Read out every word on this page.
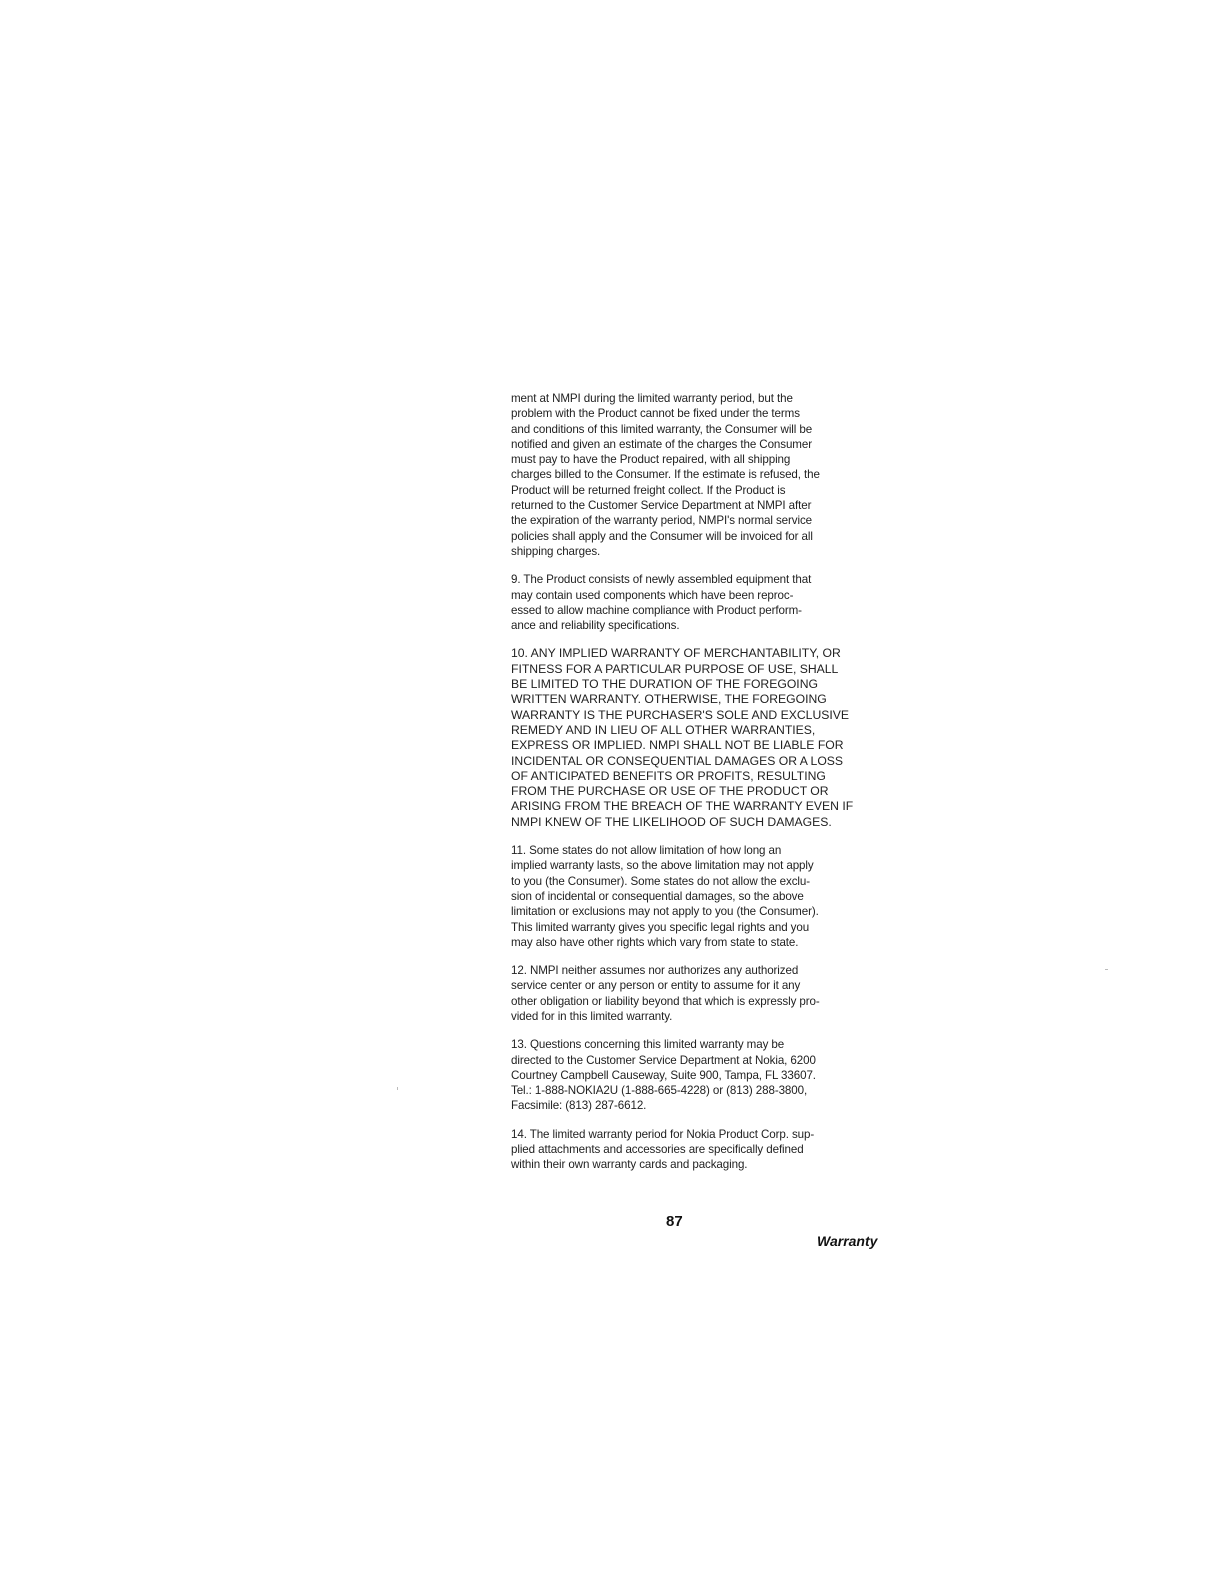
ment at NMPI during the limited warranty period, but the
problem with the Product cannot be fixed under the terms
and conditions of this limited warranty, the Consumer will be
notified and given an estimate of the charges the Consumer
must pay to have the Product repaired, with all shipping
charges billed to the Consumer. If the estimate is refused, the
Product will be returned freight collect. If the Product is
returned to the Customer Service Department at NMPI after
the expiration of the warranty period, NMPI's normal service
policies shall apply and the Consumer will be invoiced for all
shipping charges.

9. The Product consists of newly assembled equipment that
may contain used components which have been reproc-
essed to allow machine compliance with Product perform-
ance and reliability specifications.

10. ANY IMPLIED WARRANTY OF MERCHANTABILITY, OR
FITNESS FOR A PARTICULAR PURPOSE OF USE, SHALL
BE LIMITED TO THE DURATION OF THE FOREGOING
WRITTEN WARRANTY. OTHERWISE, THE FOREGOING
WARRANTY IS THE PURCHASER'S SOLE AND EXCLUSIVE
REMEDY AND IN LIEU OF ALL OTHER WARRANTIES,
EXPRESS OR IMPLIED. NMPI SHALL NOT BE LIABLE FOR
INCIDENTAL OR CONSEQUENTIAL DAMAGES OR A LOSS
OF ANTICIPATED BENEFITS OR PROFITS, RESULTING
FROM THE PURCHASE OR USE OF THE PRODUCT OR
ARISING FROM THE BREACH OF THE WARRANTY EVEN IF
NMPI KNEW OF THE LIKELIHOOD OF SUCH DAMAGES.

11. Some states do not allow limitation of how long an
implied warranty lasts, so the above limitation may not apply
to you (the Consumer). Some states do not allow the exclu-
sion of incidental or consequential damages, so the above
limitation or exclusions may not apply to you (the Consumer).
This limited warranty gives you specific legal rights and you
may also have other rights which vary from state to state.

12. NMPI neither assumes nor authorizes any authorized
service center or any person or entity to assume for it any
other obligation or liability beyond that which is expressly pro-
vided for in this limited warranty.

13. Questions concerning this limited warranty may be
directed to the Customer Service Department at Nokia, 6200
Courtney Campbell Causeway, Suite 900, Tampa, FL 33607.
Tel.: 1-888-NOKIA2U (1-888-665-4228) or (813) 288-3800,
Facsimile: (813) 287-6612.

14. The limited warranty period for Nokia Product Corp. sup-
plied attachments and accessories are specifically defined
within their own warranty cards and packaging.

87
Warranty
